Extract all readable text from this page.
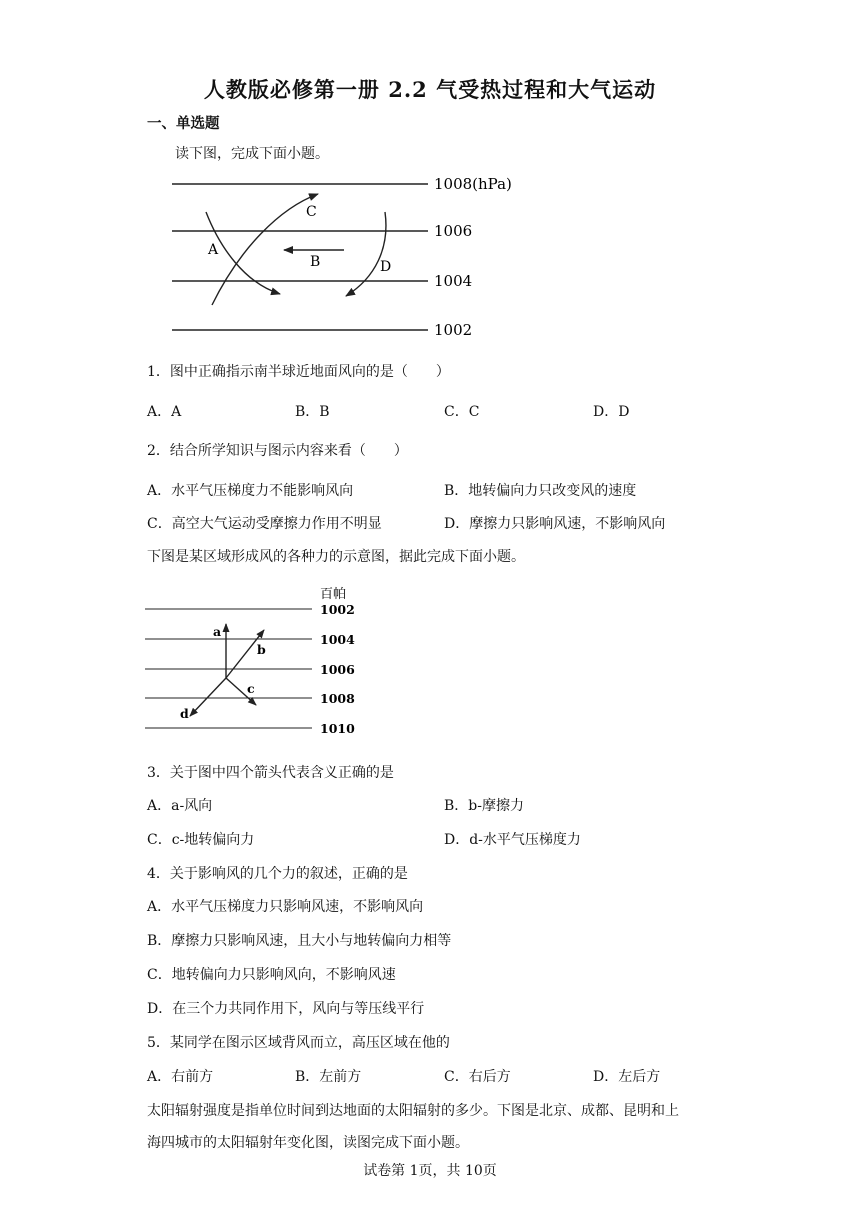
人教版必修第一册 2.2 气受热过程和大气运动
一、单选题
读下图，完成下面小题。
1008(hPa)
1006
1004
1002
A
B
C
D
1．图中正确指示南半球近地面风向的是（　　）
A．A	B．B	C．C	D．D
2．结合所学知识与图示内容来看（　　）
A．水平气压梯度力不能影响风向	B．地转偏向力只改变风的速度
C．高空大气运动受摩擦力作用不明显	D．摩擦力只影响风速，不影响风向
下图是某区域形成风的各种力的示意图，据此完成下面小题。
百帕
1002
1004
1006
1008
1010
a
b
c
d
3．关于图中四个箭头代表含义正确的是
A．a-风向	B．b-摩擦力
C．c-地转偏向力	D．d-水平气压梯度力
4．关于影响风的几个力的叙述，正确的是
A．水平气压梯度力只影响风速，不影响风向
B．摩擦力只影响风速，且大小与地转偏向力相等
C．地转偏向力只影响风向，不影响风速
D．在三个力共同作用下，风向与等压线平行
5．某同学在图示区域背风而立，高压区域在他的
A．右前方	B．左前方	C．右后方	D．左后方
太阳辐射强度是指单位时间到达地面的太阳辐射的多少。下图是北京、成都、昆明和上
海四城市的太阳辐射年变化图，读图完成下面小题。
试卷第 1页，共 10页
